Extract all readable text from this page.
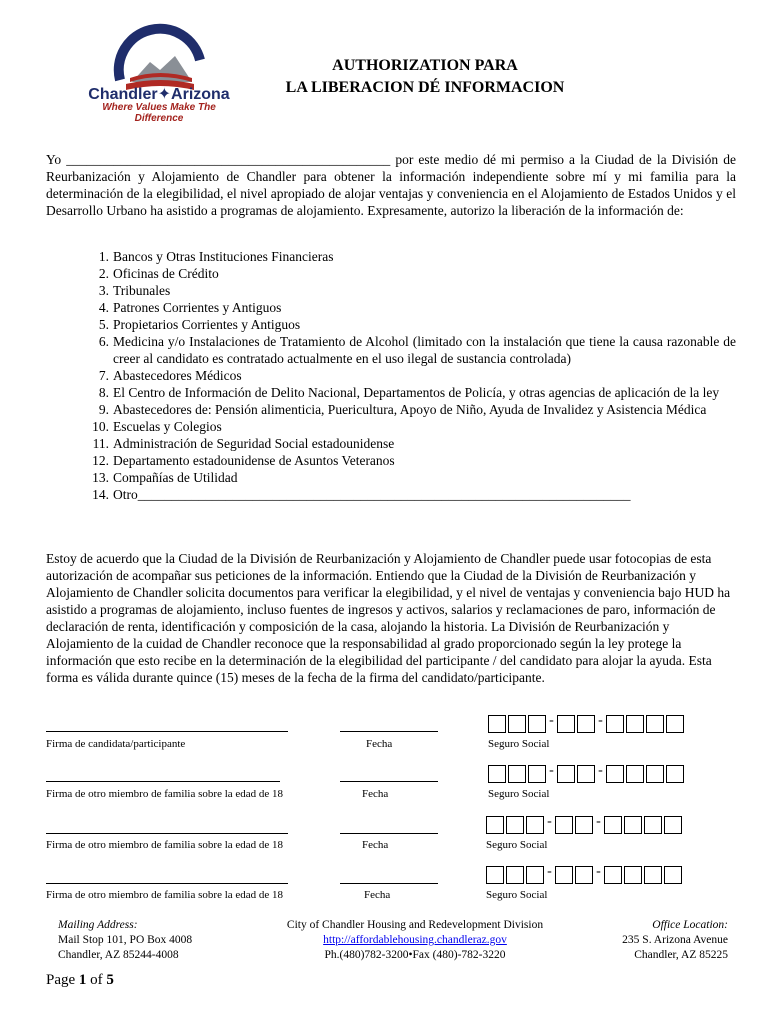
Chandler✦Arizona
Where Values Make The Difference
AUTHORIZATION PARA
LA LIBERACION DÉ INFORMACION
Yo ________________________________________________ por este medio dé mi permiso a la Ciudad de la División de Reurbanización y Alojamiento de Chandler para obtener la información independiente sobre mí y mi familia para la determinación de la elegibilidad, el nivel apropiado de alojar ventajas y conveniencia en el Alojamiento de Estados Unidos y el Desarrollo Urbano ha asistido a programas de alojamiento. Expresamente, autorizo la liberación de la información de:
1. Bancos y Otras Instituciones Financieras
2. Oficinas de Crédito
3. Tribunales
4. Patrones Corrientes y Antiguos
5. Propietarios Corrientes y Antiguos
6. Medicina y/o Instalaciones de Tratamiento de Alcohol (limitado con la instalación que tiene la causa razonable de creer al candidato es contratado actualmente en el uso ilegal de sustancia controlada)
7. Abastecedores Médicos
8. El Centro de Información de Delito Nacional, Departamentos de Policía, y otras agencias de aplicación de la ley
9. Abastecedores de: Pensión alimenticia, Puericultura, Apoyo de Niño, Ayuda de Invalidez y Asistencia Médica
10. Escuelas y Colegios
11. Administración de Seguridad Social estadounidense
12. Departamento estadounidense de Asuntos Veteranos
13. Compañías de Utilidad
14. Otro_________________________________________________________________________
Estoy de acuerdo que la Ciudad de la División de Reurbanización y Alojamiento de Chandler puede usar fotocopias de esta autorización de acompañar sus peticiones de la información. Entiendo que la Ciudad de la División de Reurbanización y Alojamiento de Chandler solicita documentos para verificar la elegibilidad, y el nivel de ventajas y conveniencia bajo HUD ha asistido a programas de alojamiento, incluso fuentes de ingresos y activos, salarios y reclamaciones de paro, información de declaración de renta, identificación y composición de la casa, alojando la historia. La División de Reurbanización y Alojamiento de la cuidad de Chandler reconoce que la responsabilidad al grado proporcionado según la ley protege la información que esto recibe en la determinación de la elegibilidad del participante / del candidato para alojar la ayuda. Esta forma es válida durante quince (15) meses de la fecha de la firma del candidato/participante.
Firma de candidata/participante	Fecha	Seguro Social
-	-
Firma de otro miembro de familia sobre la edad de 18	Fecha	Seguro Social
-	-
Firma de otro miembro de familia sobre la edad de 18	Fecha	Seguro Social
-	-
Firma de otro miembro de familia sobre la edad de 18	Fecha	Seguro Social
-	-
Mailing Address:
Mail Stop 101, PO Box 4008
Chandler, AZ 85244-4008
City of Chandler Housing and Redevelopment Division
http://affordablehousing.chandleraz.gov
Ph.(480)782-3200•Fax (480)-782-3220
Office Location:
235 S. Arizona Avenue
Chandler, AZ 85225
Page 1 of 5
